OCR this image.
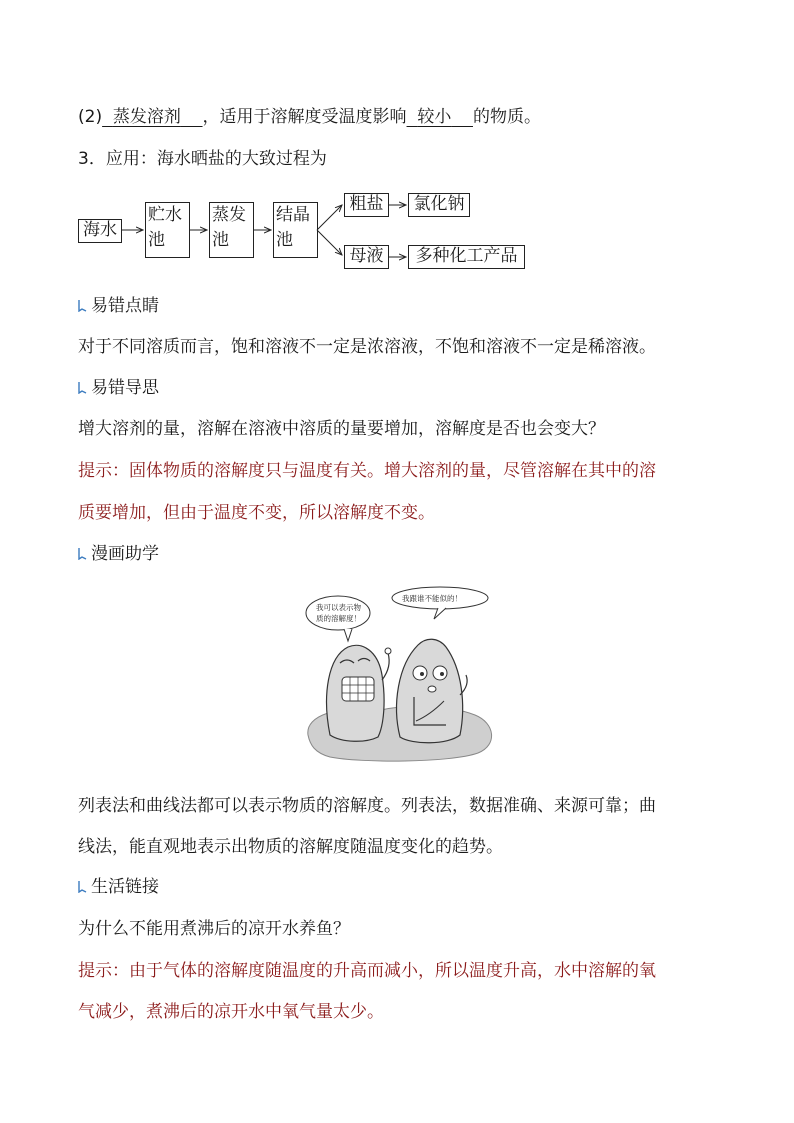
(2) 蒸发溶剂 ，适用于溶解度受温度影响 较小 的物质。
3．应用：海水晒盐的大致过程为
海水
贮水
池
蒸发
池
结晶
池
粗盐	氯化钠
母液	多种化工产品
易错点睛
对于不同溶质而言，饱和溶液不一定是浓溶液，不饱和溶液不一定是稀溶液。
易错导思
增大溶剂的量，溶解在溶液中溶质的量要增加，溶解度是否也会变大？
提示：固体物质的溶解度只与温度有关。增大溶剂的量，尽管溶解在其中的溶
质要增加，但由于温度不变，所以溶解度不变。
漫画助学
我可以表示物
质的溶解度！
我跟谁不能似的！
列表法和曲线法都可以表示物质的溶解度。列表法，数据准确、来源可靠；曲
线法，能直观地表示出物质的溶解度随温度变化的趋势。
生活链接
为什么不能用煮沸后的凉开水养鱼？
提示：由于气体的溶解度随温度的升高而减小，所以温度升高，水中溶解的氧
气减少，煮沸后的凉开水中氧气量太少。
